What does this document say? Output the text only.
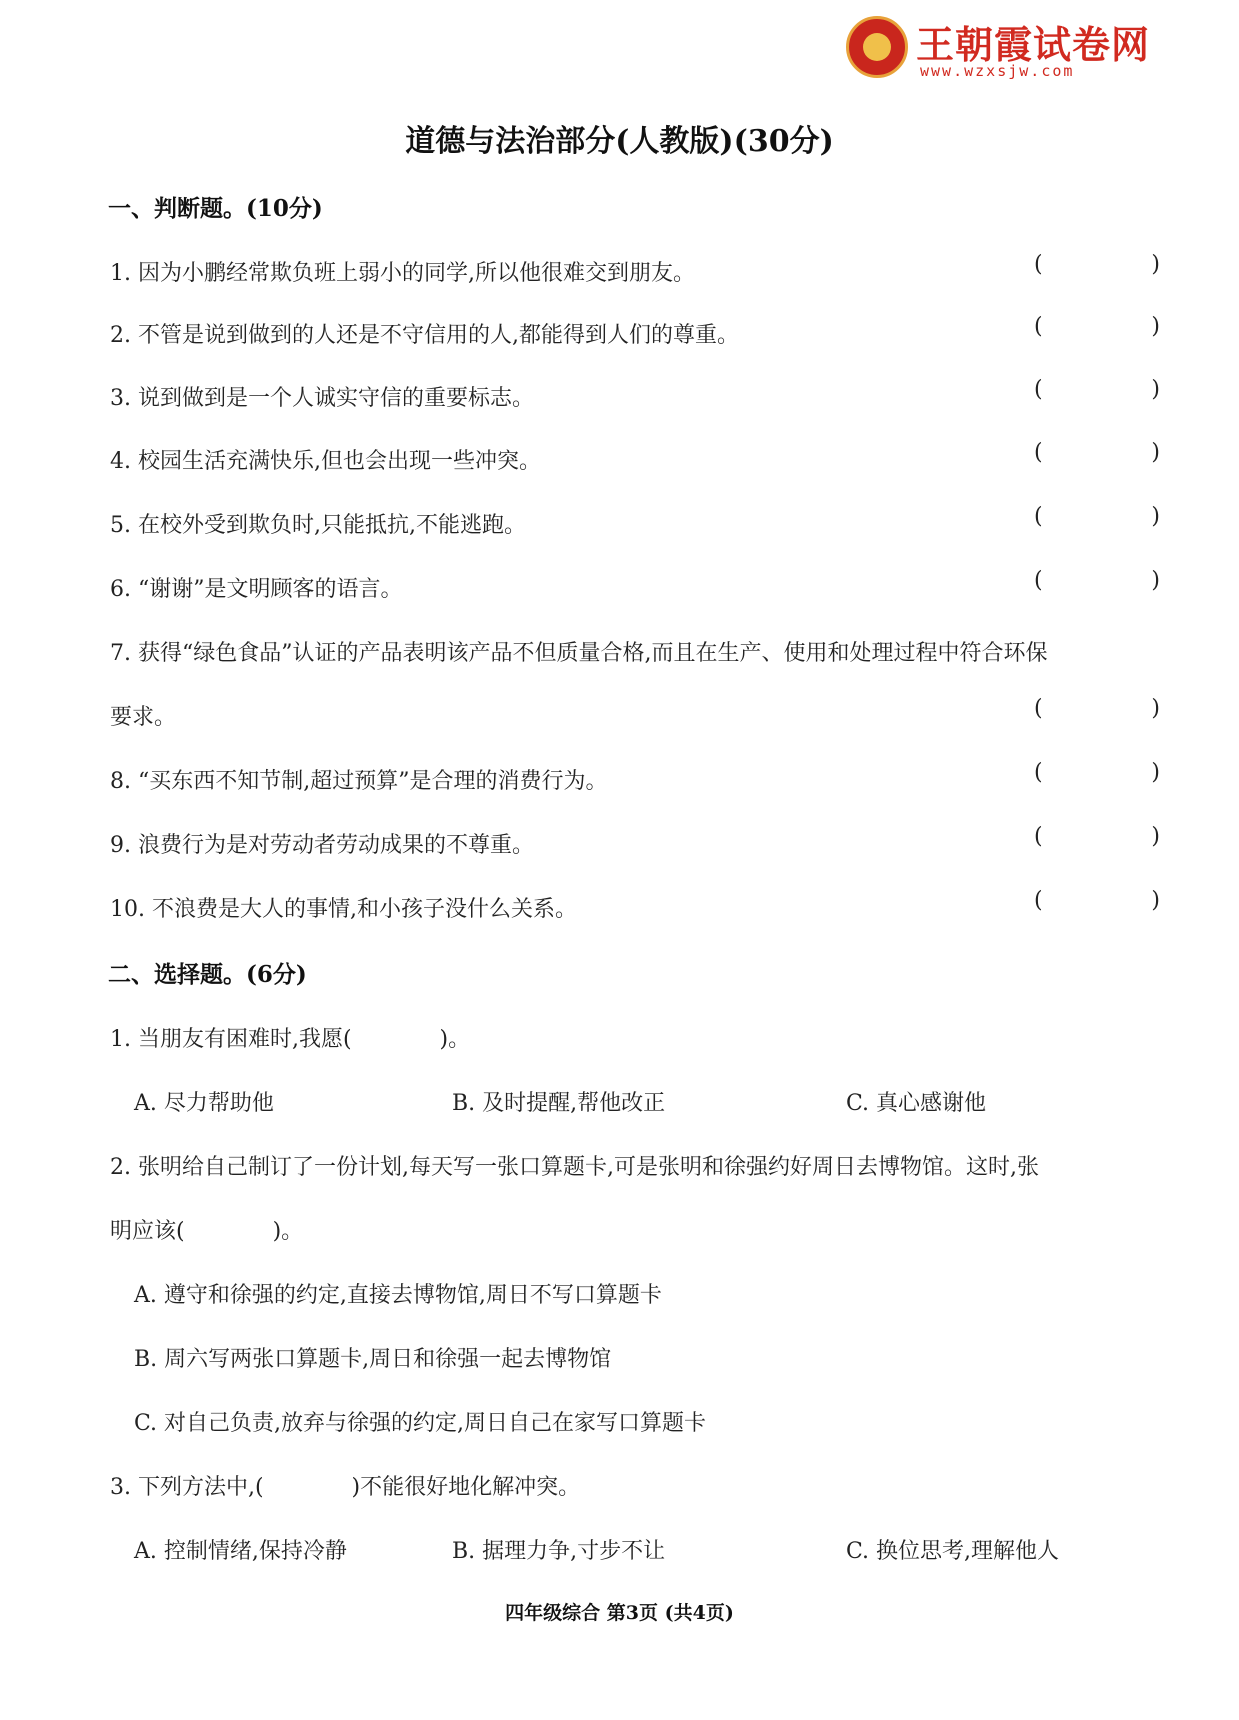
王朝霞试卷网
www.wzxsjw.com
道德与法治部分(人教版)(30分)
一、判断题。(10分)
1. 因为小鹏经常欺负班上弱小的同学,所以他很难交到朋友。	(	)
2. 不管是说到做到的人还是不守信用的人,都能得到人们的尊重。	(	)
3. 说到做到是一个人诚实守信的重要标志。	(	)
4. 校园生活充满快乐,但也会出现一些冲突。	(	)
5. 在校外受到欺负时,只能抵抗,不能逃跑。	(	)
6. “谢谢”是文明顾客的语言。	(	)
7. 获得“绿色食品”认证的产品表明该产品不但质量合格,而且在生产、使用和处理过程中符合环保
要求。	(	)
8. “买东西不知节制,超过预算”是合理的消费行为。	(	)
9. 浪费行为是对劳动者劳动成果的不尊重。	(	)
10. 不浪费是大人的事情,和小孩子没什么关系。	(	)
二、选择题。(6分)
1. 当朋友有困难时,我愿(　　　　)。
A. 尽力帮助他	B. 及时提醒,帮他改正	C. 真心感谢他
2. 张明给自己制订了一份计划,每天写一张口算题卡,可是张明和徐强约好周日去博物馆。这时,张
明应该(　　　　)。
A. 遵守和徐强的约定,直接去博物馆,周日不写口算题卡
B. 周六写两张口算题卡,周日和徐强一起去博物馆
C. 对自己负责,放弃与徐强的约定,周日自己在家写口算题卡
3. 下列方法中,(　　　　)不能很好地化解冲突。
A. 控制情绪,保持冷静	B. 据理力争,寸步不让	C. 换位思考,理解他人
四年级综合 第3页 (共4页)
